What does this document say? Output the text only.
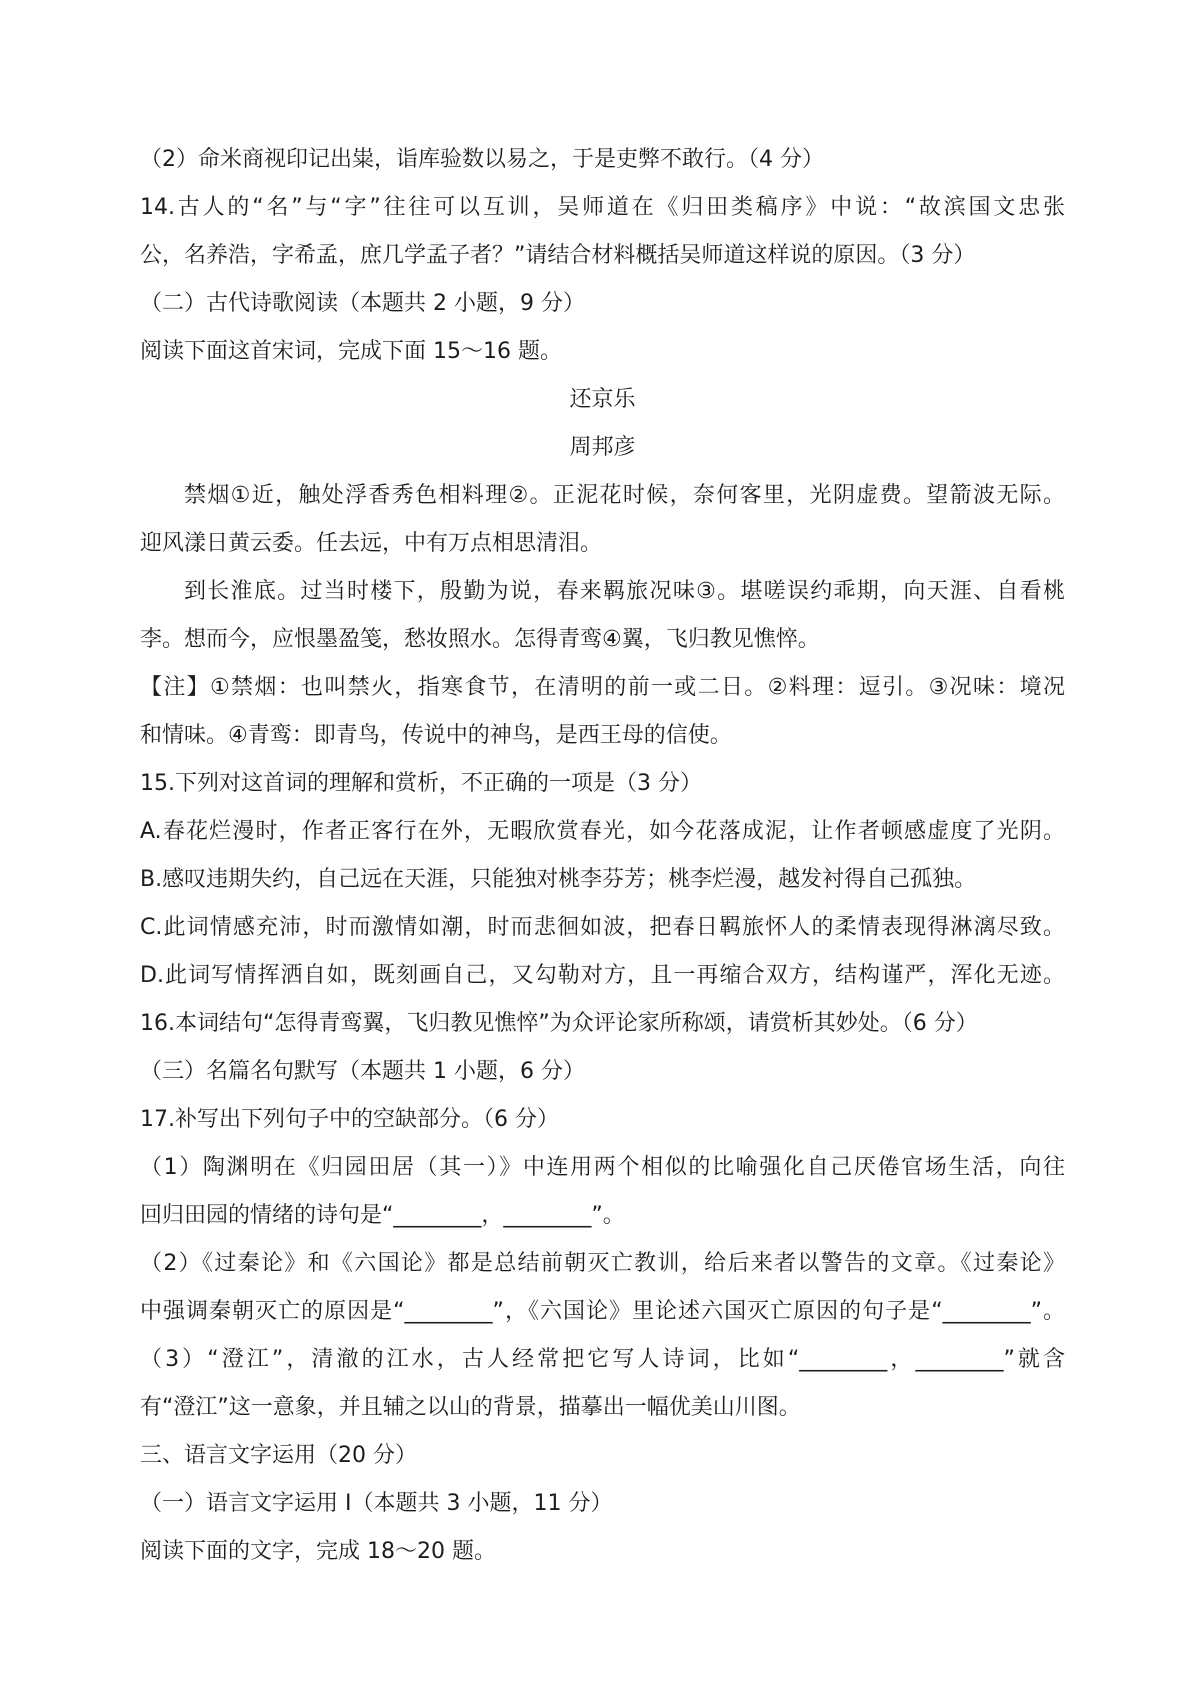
（2）命米商视印记出粜，诣库验数以易之，于是吏弊不敢行。（4 分）
14.古人的“名”与“字”往往可以互训，吴师道在《归田类稿序》中说：“故滨国文忠张
公，名养浩，字希孟，庶几学孟子者？”请结合材料概括吴师道这样说的原因。（3 分）
（二）古代诗歌阅读（本题共 2 小题，9 分）
阅读下面这首宋词，完成下面 15～16 题。
还京乐
周邦彦
禁烟①近，触处浮香秀色相料理②。正泥花时候，奈何客里，光阴虚费。望箭波无际。
迎风漾日黄云委。任去远，中有万点相思清泪。
到长淮底。过当时楼下，殷勤为说，春来羁旅况味③。堪嗟误约乖期，向天涯、自看桃
李。想而今，应恨墨盈笺，愁妆照水。怎得青鸾④翼，飞归教见憔悴。
【注】①禁烟：也叫禁火，指寒食节，在清明的前一或二日。②料理：逗引。③况味：境况
和情味。④青鸾：即青鸟，传说中的神鸟，是西王母的信使。
15.下列对这首词的理解和赏析，不正确的一项是（3 分）
A.春花烂漫时，作者正客行在外，无暇欣赏春光，如今花落成泥，让作者顿感虚度了光阴。
B.感叹违期失约，自己远在天涯，只能独对桃李芬芳；桃李烂漫，越发衬得自己孤独。
C.此词情感充沛，时而激情如潮，时而悲徊如波，把春日羁旅怀人的柔情表现得淋漓尽致。
D.此词写情挥洒自如，既刻画自己，又勾勒对方，且一再缩合双方，结构谨严，浑化无迹。
16.本词结句“怎得青鸾翼，飞归教见憔悴”为众评论家所称颂，请赏析其妙处。（6 分）
（三）名篇名句默写（本题共 1 小题，6 分）
17.补写出下列句子中的空缺部分。（6 分）
（1）陶渊明在《归园田居（其一）》中连用两个相似的比喻强化自己厌倦官场生活，向往
回归田园的情绪的诗句是“________，________”。
（2）《过秦论》和《六国论》都是总结前朝灭亡教训，给后来者以警告的文章。《过秦论》
中强调秦朝灭亡的原因是“________”，《六国论》里论述六国灭亡原因的句子是“________”。
（3）“澄江”，清澈的江水，古人经常把它写人诗词，比如“________，________”就含
有“澄江”这一意象，并且辅之以山的背景，描摹出一幅优美山川图。
三、语言文字运用（20 分）
（一）语言文字运用 I（本题共 3 小题，11 分）
阅读下面的文字，完成 18～20 题。
